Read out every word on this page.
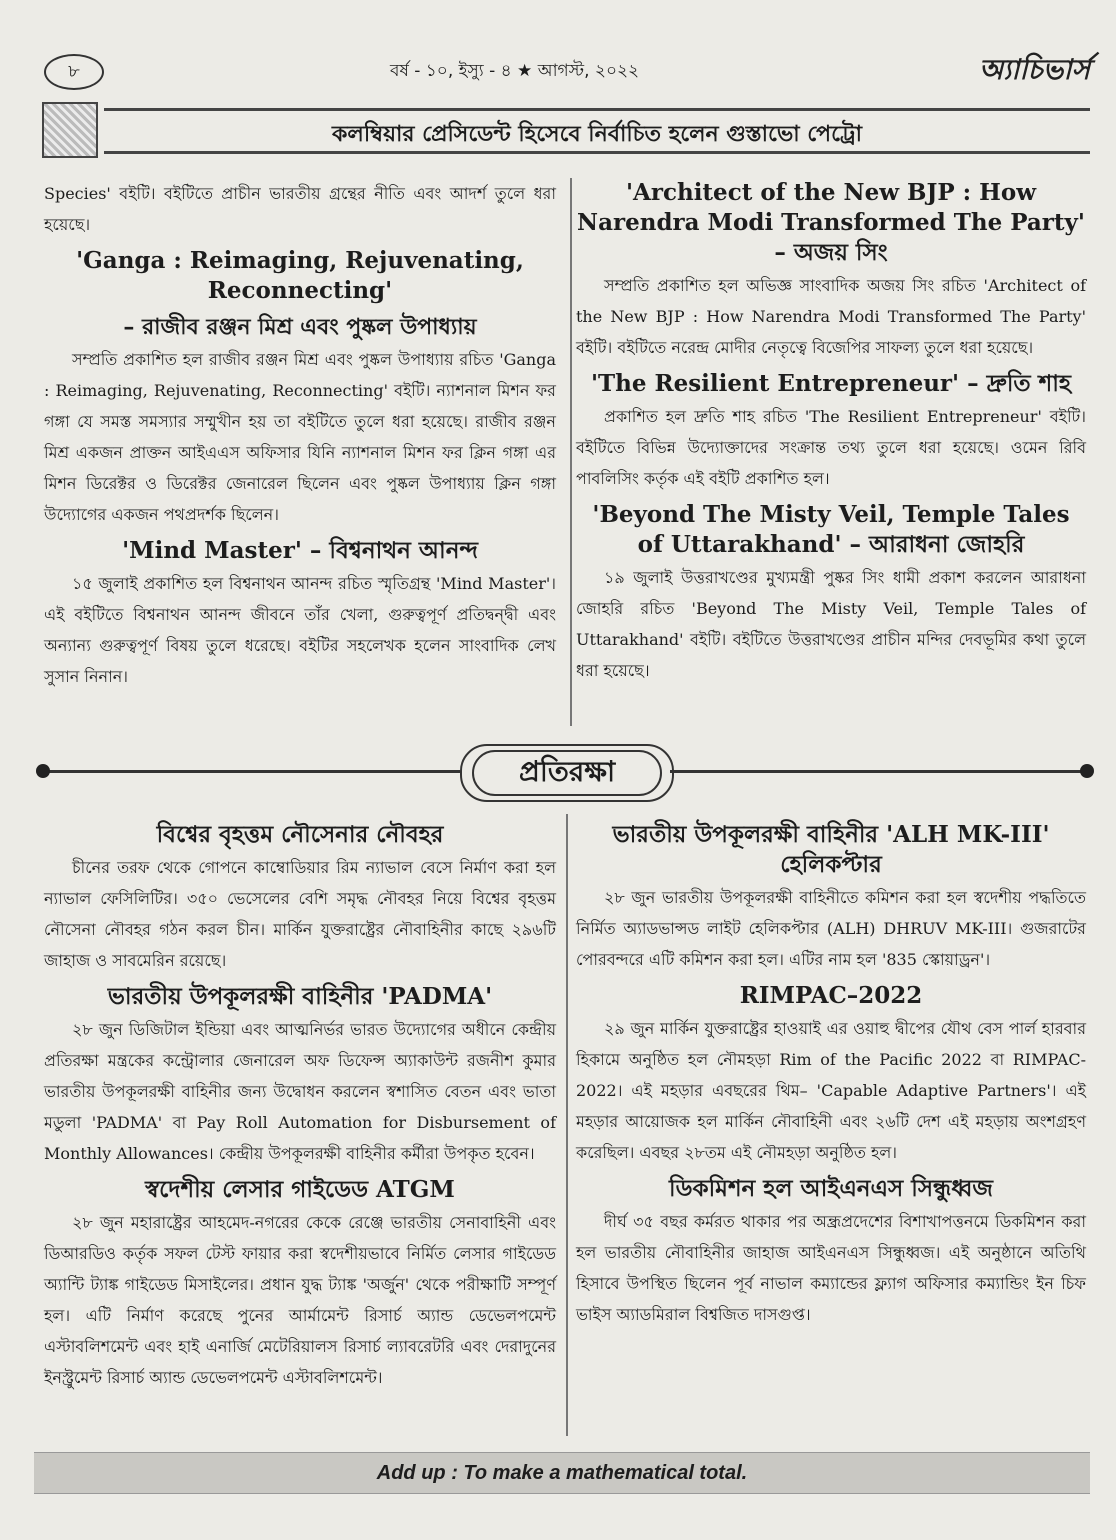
৮	বর্ষ - ১০, ইস্যু - ৪ ★ আগস্ট, ২০২২	অ্যাচিভার্স
কলম্বিয়ার প্রেসিডেন্ট হিসেবে নির্বাচিত হলেন গুস্তাভো পেট্রো

Species' বইটি। বইটিতে প্রাচীন ভারতীয় গ্রন্থের নীতি এবং আদর্শ তুলে ধরা হয়েছে।

'Ganga : Reimaging, Rejuvenating, Reconnecting'
– রাজীব রঞ্জন মিশ্র এবং পুষ্কল উপাধ্যায়

সম্প্রতি প্রকাশিত হল রাজীব রঞ্জন মিশ্র এবং পুষ্কল উপাধ্যায় রচিত 'Ganga : Reimaging, Rejuvenating, Reconnecting' বইটি। ন্যাশনাল মিশন ফর গঙ্গা যে সমস্ত সমস্যার সম্মুখীন হয় তা বইটিতে তুলে ধরা হয়েছে। রাজীব রঞ্জন মিশ্র একজন প্রাক্তন আইএএস অফিসার যিনি ন্যাশনাল মিশন ফর ক্লিন গঙ্গা এর মিশন ডিরেক্টর ও ডিরেক্টর জেনারেল ছিলেন এবং পুষ্কল উপাধ্যায় ক্লিন গঙ্গা উদ্যোগের একজন পথপ্রদর্শক ছিলেন।

'Mind Master' – বিশ্বনাথন আনন্দ

১৫ জুলাই প্রকাশিত হল বিশ্বনাথন আনন্দ রচিত স্মৃতিগ্রন্থ 'Mind Master'। এই বইটিতে বিশ্বনাথন আনন্দ জীবনে তাঁর খেলা, গুরুত্বপূর্ণ প্রতিদ্বন্দ্বী এবং অন্যান্য গুরুত্বপূর্ণ বিষয় তুলে ধরেছে। বইটির সহলেখক হলেন সাংবাদিক লেখ সুসান নিনান।

'Architect of the New BJP : How Narendra Modi Transformed The Party' – অজয় সিং

সম্প্রতি প্রকাশিত হল অভিজ্ঞ সাংবাদিক অজয় সিং রচিত 'Architect of the New BJP : How Narendra Modi Transformed The Party' বইটি। বইটিতে নরেন্দ্র মোদীর নেতৃত্বে বিজেপির সাফল্য তুলে ধরা হয়েছে।

'The Resilient Entrepreneur' – দ্রুতি শাহ

প্রকাশিত হল দ্রুতি শাহ রচিত 'The Resilient Entrepreneur' বইটি। বইটিতে বিভিন্ন উদ্যোক্তাদের সংক্রান্ত তথ্য তুলে ধরা হয়েছে। ওমেন রিবি পাবলিসিং কর্তৃক এই বইটি প্রকাশিত হল।

'Beyond The Misty Veil, Temple Tales of Uttarakhand' – আরাধনা জোহরি

১৯ জুলাই উত্তরাখণ্ডের মুখ্যমন্ত্রী পুষ্কর সিং ধামী প্রকাশ করলেন আরাধনা জোহরি রচিত 'Beyond The Misty Veil, Temple Tales of Uttarakhand' বইটি। বইটিতে উত্তরাখণ্ডের প্রাচীন মন্দির দেবভূমির কথা তুলে ধরা হয়েছে।

প্রতিরক্ষা
বিশ্বের বৃহত্তম নৌসেনার নৌবহর

চীনের তরফ থেকে গোপনে কাম্বোডিয়ার রিম ন্যাভাল বেসে নির্মাণ করা হল ন্যাভাল ফেসিলিটির। ৩৫০ ভেসেলের বেশি সমৃদ্ধ নৌবহর নিয়ে বিশ্বের বৃহত্তম নৌসেনা নৌবহর গঠন করল চীন। মার্কিন যুক্তরাষ্ট্রের নৌবাহিনীর কাছে ২৯৬টি জাহাজ ও সাবমেরিন রয়েছে।

ভারতীয় উপকূলরক্ষী বাহিনীর 'PADMA'

২৮ জুন ডিজিটাল ইন্ডিয়া এবং আত্মনির্ভর ভারত উদ্যোগের অধীনে কেন্দ্রীয় প্রতিরক্ষা মন্ত্রকের কন্ট্রোলার জেনারেল অফ ডিফেন্স অ্যাকাউন্ট রজনীশ কুমার ভারতীয় উপকূলরক্ষী বাহিনীর জন্য উদ্বোধন করলেন স্বশাসিত বেতন এবং ভাতা মডুলা 'PADMA' বা Pay Roll Automation for Disbursement of Monthly Allowances। কেন্দ্রীয় উপকূলরক্ষী বাহিনীর কর্মীরা উপকৃত হবেন।

স্বদেশীয় লেসার গাইডেড ATGM

২৮ জুন মহারাষ্ট্রের আহমেদ-নগরের কেকে রেঞ্জে ভারতীয় সেনাবাহিনী এবং ডিআরডিও কর্তৃক সফল টেস্ট ফায়ার করা স্বদেশীয়ভাবে নির্মিত লেসার গাইডেড অ্যান্টি ট্যাঙ্ক গাইডেড মিসাইলের। প্রধান যুদ্ধ ট্যাঙ্ক 'অর্জুন' থেকে পরীক্ষাটি সম্পূর্ণ হল। এটি নির্মাণ করেছে পুনের আর্মামেন্ট রিসার্চ অ্যান্ড ডেভেলপমেন্ট এস্টাবলিশমেন্ট এবং হাই এনার্জি মেটেরিয়ালস রিসার্চ ল্যাবরেটরি এবং দেরাদুনের ইনস্ট্রুমেন্ট রিসার্চ অ্যান্ড ডেভেলপমেন্ট এস্টাবলিশমেন্ট।

ভারতীয় উপকূলরক্ষী বাহিনীর 'ALH MK-III' হেলিকপ্টার

২৮ জুন ভারতীয় উপকূলরক্ষী বাহিনীতে কমিশন করা হল স্বদেশীয় পদ্ধতিতে নির্মিত অ্যাডভান্সড লাইট হেলিকপ্টার (ALH) DHRUV MK-III। গুজরাটের পোরবন্দরে এটি কমিশন করা হল। এটির নাম হল '835 স্কোয়াড্রন'।

RIMPAC–2022

২৯ জুন মার্কিন যুক্তরাষ্ট্রের হাওয়াই এর ওয়াহু দ্বীপের যৌথ বেস পার্ল হারবার হিকামে অনুষ্ঠিত হল নৌমহড়া Rim of the Pacific 2022 বা RIMPAC-2022। এই মহড়ার এবছরের থিম– 'Capable Adaptive Partners'। এই মহড়ার আয়োজক হল মার্কিন নৌবাহিনী এবং ২৬টি দেশ এই মহড়ায় অংশগ্রহণ করেছিল। এবছর ২৮তম এই নৌমহড়া অনুষ্ঠিত হল।

ডিকমিশন হল আইএনএস সিন্ধুধ্বজ

দীর্ঘ ৩৫ বছর কর্মরত থাকার পর অন্ধ্রপ্রদেশের বিশাখাপত্তনমে ডিকমিশন করা হল ভারতীয় নৌবাহিনীর জাহাজ আইএনএস সিন্ধুধ্বজ। এই অনুষ্ঠানে অতিথি হিসাবে উপস্থিত ছিলেন পূর্ব নাভাল কম্যান্ডের ফ্ল্যাগ অফিসার কম্যান্ডিং ইন চিফ ভাইস অ্যাডমিরাল বিশ্বজিত দাসগুপ্ত।

Add up : To make a mathematical total.
